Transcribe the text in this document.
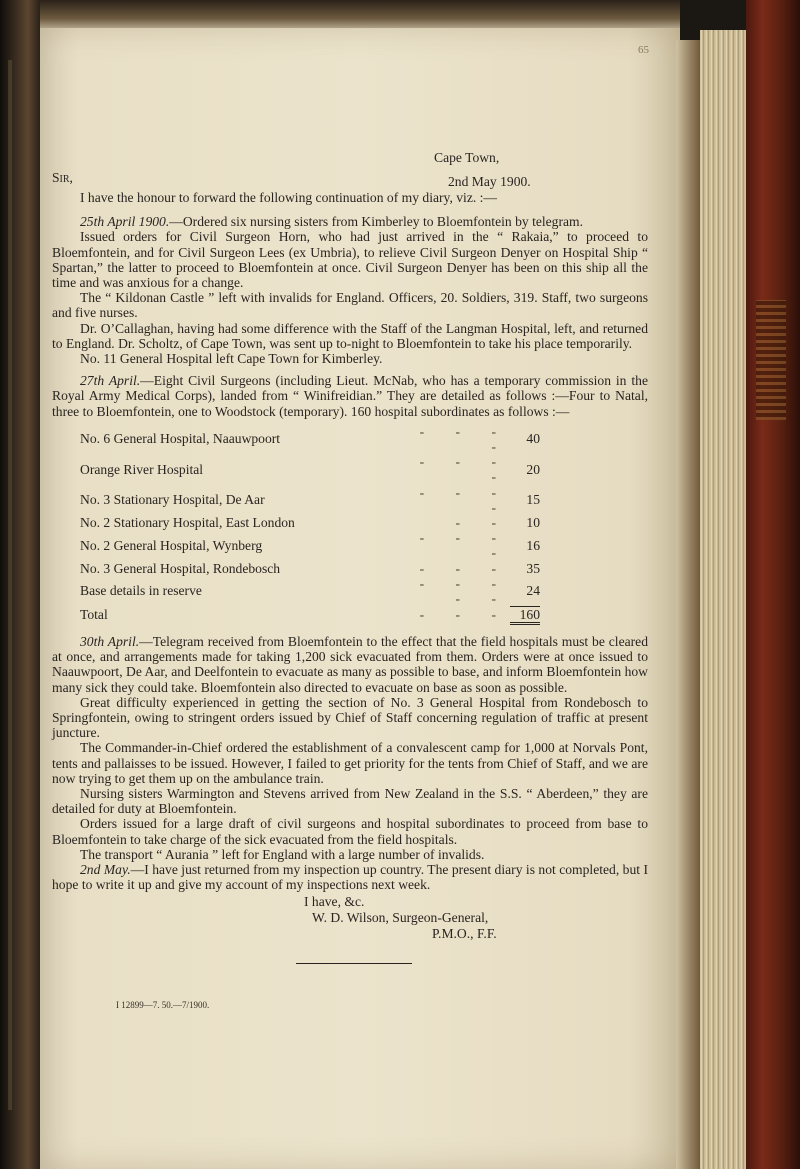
65
Cape Town,
Sir,	2nd May 1900.

I have the honour to forward the following continuation of my diary, viz. :—

25th April 1900.—Ordered six nursing sisters from Kimberley to Bloemfontein by telegram.

Issued orders for Civil Surgeon Horn, who had just arrived in the “ Rakaia,” to proceed to Bloemfontein, and for Civil Surgeon Lees (ex Umbria), to relieve Civil Surgeon Denyer on Hospital Ship “ Spartan,” the latter to proceed to Bloemfontein at once. Civil Surgeon Denyer has been on this ship all the time and was anxious for a change.

The “ Kildonan Castle ” left with invalids for England. Officers, 20. Soldiers, 319. Staff, two surgeons and five nurses.

Dr. O’Callaghan, having had some difference with the Staff of the Langman Hospital, left, and returned to England. Dr. Scholtz, of Cape Town, was sent up to-night to Bloemfontein to take his place temporarily.

No. 11 General Hospital left Cape Town for Kimberley.

27th April.—Eight Civil Surgeons (including Lieut. McNab, who has a temporary commission in the Royal Army Medical Corps), landed from “ Winifreidian.” They are detailed as follows :—Four to Natal, three to Bloemfontein, one to Woodstock (temporary). 160 hospital subordinates as follows :—

No. 6 General Hospital, Naauwpoort	- - - -	40
Orange River Hospital	- - - -	20
No. 3 Stationary Hospital, De Aar	- - - -	15
No. 2 Stationary Hospital, East London	- -	10
No. 2 General Hospital, Wynberg	- - - -	16
No. 3 General Hospital, Rondebosch	- - -	35
Base details in reserve	- - - - -	24
Total	- - -	160

30th April.—Telegram received from Bloemfontein to the effect that the field hospitals must be cleared at once, and arrangements made for taking 1,200 sick evacuated from them. Orders were at once issued to Naauwpoort, De Aar, and Deelfontein to evacuate as many as possible to base, and inform Bloemfontein how many sick they could take. Bloemfontein also directed to evacuate on base as soon as possible.

Great difficulty experienced in getting the section of No. 3 General Hospital from Rondebosch to Springfontein, owing to stringent orders issued by Chief of Staff concerning regulation of traffic at present juncture.

The Commander-in-Chief ordered the establishment of a convalescent camp for 1,000 at Norvals Pont, tents and pallaisses to be issued. However, I failed to get priority for the tents from Chief of Staff, and we are now trying to get them up on the ambulance train.

Nursing sisters Warmington and Stevens arrived from New Zealand in the S.S. “ Aberdeen,” they are detailed for duty at Bloemfontein.

Orders issued for a large draft of civil surgeons and hospital subordinates to proceed from base to Bloemfontein to take charge of the sick evacuated from the field hospitals.

The transport “ Aurania ” left for England with a large number of invalids.

2nd May.—I have just returned from my inspection up country. The present diary is not completed, but I hope to write it up and give my account of my inspections next week.

I have, &c.
W. D. Wilson, Surgeon-General,
P.M.O., F.F.
I 12899—7. 50.—7/1900.
